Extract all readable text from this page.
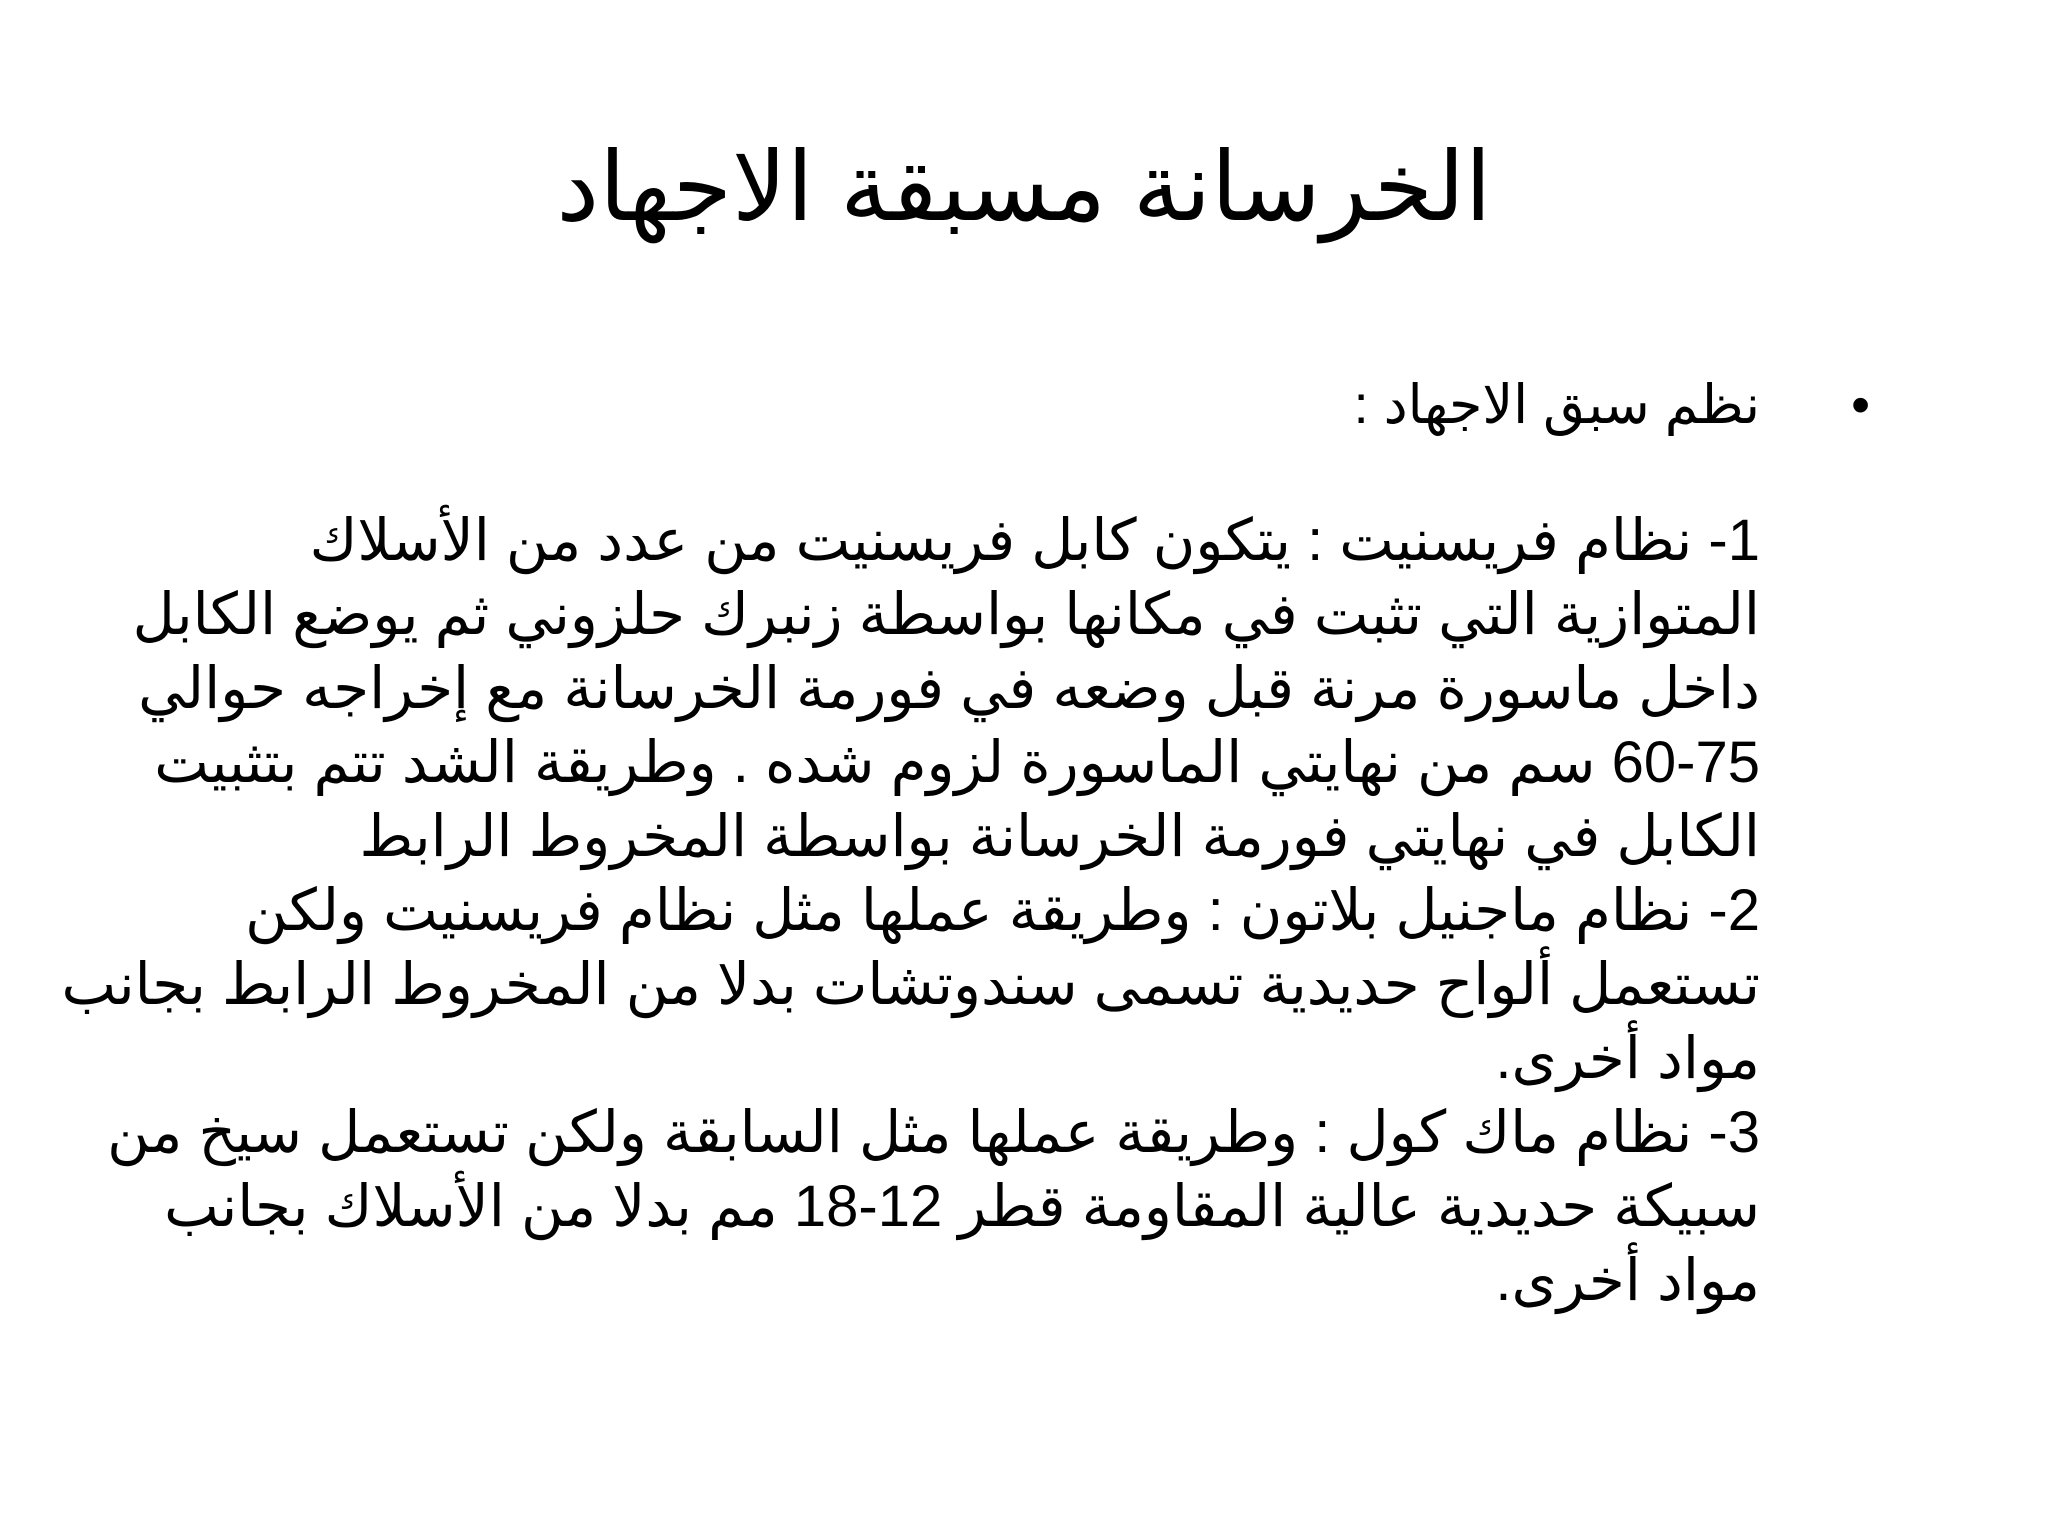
الخرسانة مسبقة الاجهاد
•
نظم سبق الاجهاد :
1- نظام فريسنيت : يتكون كابل فريسنيت من عدد من الأسلاك
المتوازية التي تثبت في مكانها بواسطة زنبرك حلزوني ثم يوضع الكابل
داخل ماسورة مرنة قبل وضعه في فورمة الخرسانة مع إخراجه حوالي
60-75 سم من نهايتي الماسورة لزوم شده . وطريقة الشد تتم بتثبيت
الكابل في نهايتي فورمة الخرسانة بواسطة المخروط الرابط
2- نظام ماجنيل بلاتون : وطريقة عملها مثل نظام فريسنيت ولكن
تستعمل ألواح حديدية تسمى سندوتشات بدلا من المخروط الرابط بجانب
مواد أخرى.
3- نظام ماك كول : وطريقة عملها مثل السابقة ولكن تستعمل سيخ من
سبيكة حديدية عالية المقاومة قطر 12-18 مم بدلا من الأسلاك بجانب
مواد أخرى.
